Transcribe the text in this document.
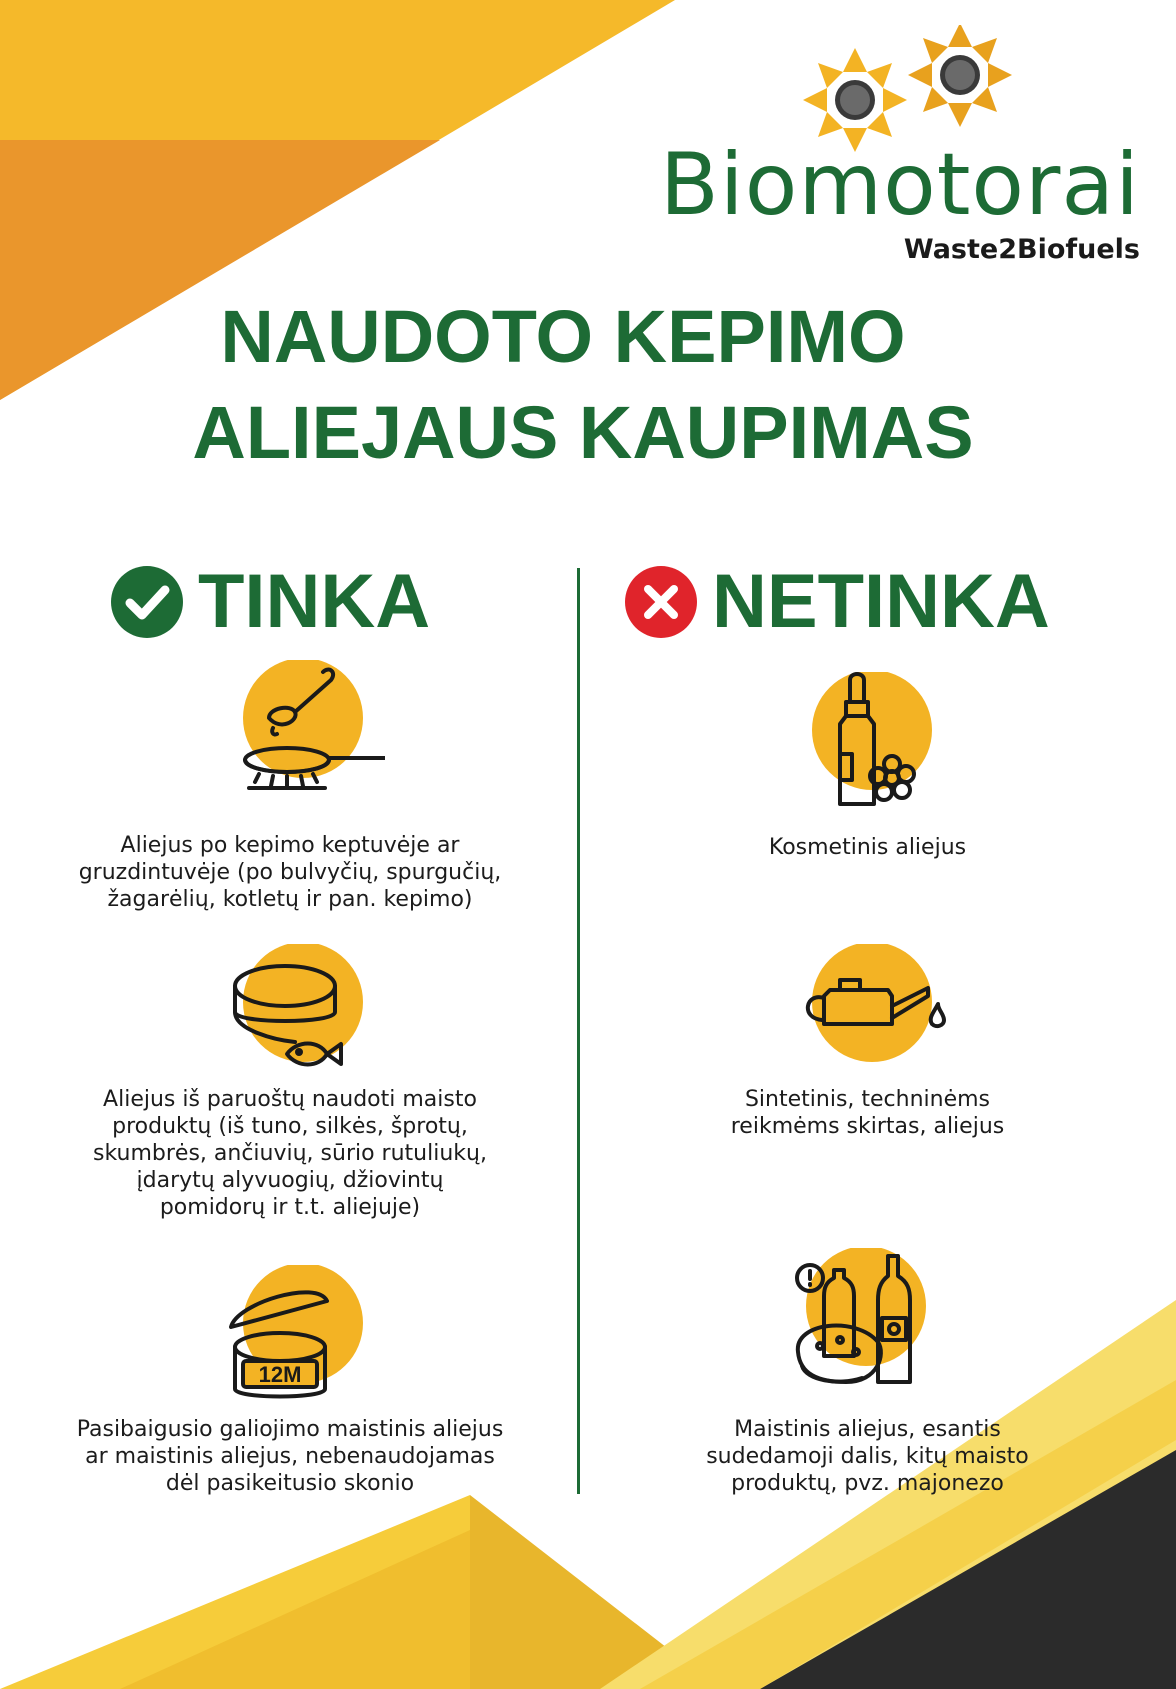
Biomotorai
Waste2Biofuels
NAUDOTO KEPIMO
ALIEJAUS KAUPIMAS
TINKA	NETINKA
Aliejus po kepimo keptuvėje ar
gruzdintuvėje (po bulvyčių, spurgučių,
žagarėlių, kotletų ir pan. kepimo)
Aliejus iš paruoštų naudoti maisto
produktų (iš tuno, silkės, šprotų,
skumbrės, ančiuvių, sūrio rutuliukų,
įdarytų alyvuogių, džiovintų
pomidorų ir t.t. aliejuje)
12M
Pasibaigusio galiojimo maistinis aliejus
ar maistinis aliejus, nebenaudojamas
dėl pasikeitusio skonio
Kosmetinis aliejus
Sintetinis, techninėms
reikmėms skirtas, aliejus
Maistinis aliejus, esantis
sudedamoji dalis, kitų maisto
produktų, pvz. majonezo
